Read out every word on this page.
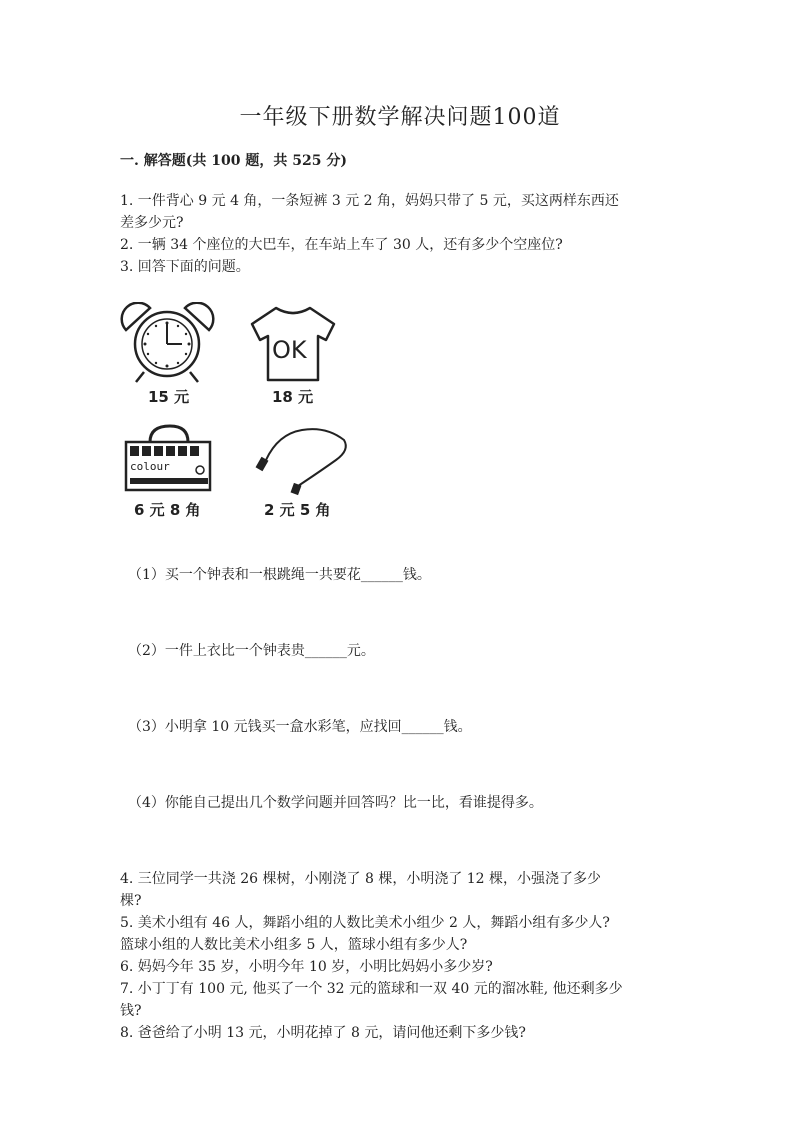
一年级下册数学解决问题100道
一. 解答题(共 100 题，共 525 分)
1. 一件背心 9 元 4 角，一条短裤 3 元 2 角，妈妈只带了 5 元，买这两样东西还
差多少元?
2. 一辆 34 个座位的大巴车，在车站上车了 30 人，还有多少个空座位?
3. 回答下面的问题。
15 元
OK
18 元
colour
6 元 8 角	2 元 5 角
（1）买一个钟表和一根跳绳一共要花______钱。
（2）一件上衣比一个钟表贵______元。
（3）小明拿 10 元钱买一盒水彩笔，应找回______钱。
（4）你能自己提出几个数学问题并回答吗？比一比，看谁提得多。
4. 三位同学一共浇 26 棵树，小刚浇了 8 棵，小明浇了 12 棵，小强浇了多少
棵?
5. 美术小组有 46 人，舞蹈小组的人数比美术小组少 2 人，舞蹈小组有多少人?
篮球小组的人数比美术小组多 5 人，篮球小组有多少人?
6. 妈妈今年 35 岁，小明今年 10 岁，小明比妈妈小多少岁?
7. 小丁丁有 100 元, 他买了一个 32 元的篮球和一双 40 元的溜冰鞋, 他还剩多少
钱?
8. 爸爸给了小明 13 元，小明花掉了 8 元，请问他还剩下多少钱?
